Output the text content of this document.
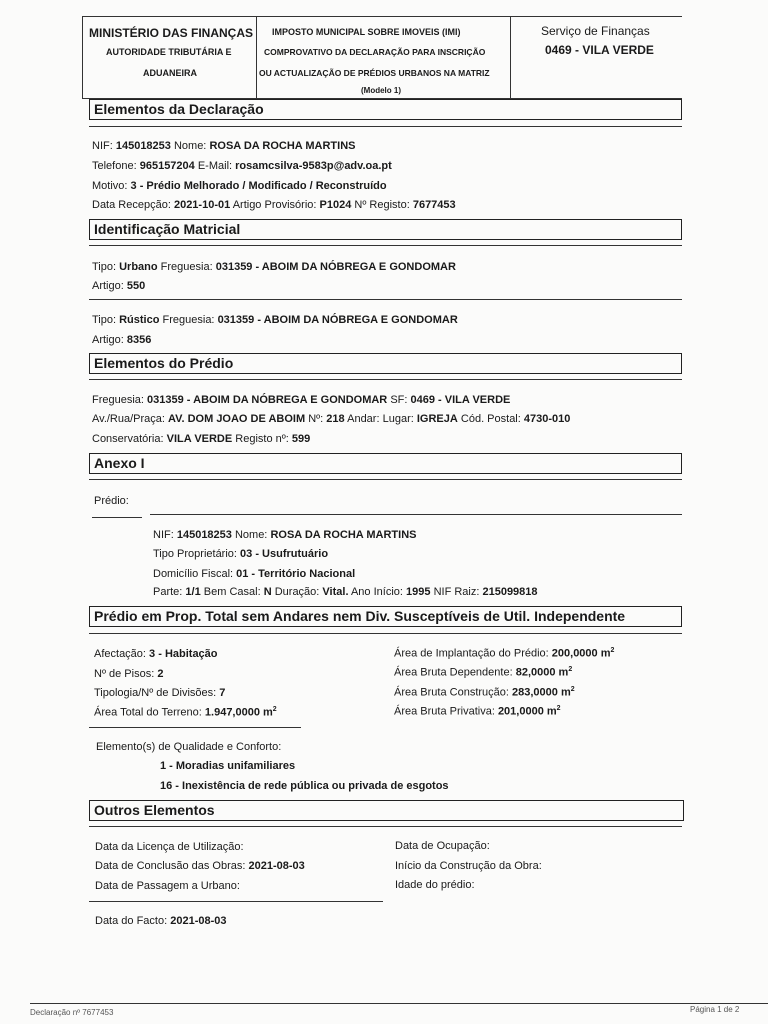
MINISTÉRIO DAS FINANÇAS
AUTORIDADE TRIBUTÁRIA E
ADUANEIRA
IMPOSTO MUNICIPAL SOBRE IMOVEIS (IMI)
COMPROVATIVO DA DECLARAÇÃO PARA INSCRIÇÃO
OU ACTUALIZAÇÃO DE PRÉDIOS URBANOS NA MATRIZ
(Modelo 1)
Serviço de Finanças
0469 - VILA VERDE
Elementos da Declaração
NIF: 145018253 Nome: ROSA DA ROCHA MARTINS
Telefone: 965157204 E-Mail: rosamcsilva-9583p@adv.oa.pt
Motivo: 3 - Prédio Melhorado / Modificado / Reconstruído
Data Recepção: 2021-10-01 Artigo Provisório: P1024 Nº Registo: 7677453
Identificação Matricial
Tipo: Urbano Freguesia: 031359 - ABOIM DA NÓBREGA E GONDOMAR
Artigo: 550
Tipo: Rústico Freguesia: 031359 - ABOIM DA NÓBREGA E GONDOMAR
Artigo: 8356
Elementos do Prédio
Freguesia: 031359 - ABOIM DA NÓBREGA E GONDOMAR SF: 0469 - VILA VERDE
Av./Rua/Praça: AV. DOM JOAO DE ABOIM Nº: 218 Andar: Lugar: IGREJA Cód. Postal: 4730-010
Conservatória: VILA VERDE Registo nº: 599
Anexo I
Prédio:
NIF: 145018253 Nome: ROSA DA ROCHA MARTINS
Tipo Proprietário: 03 - Usufrutuário
Domicílio Fiscal: 01 - Território Nacional
Parte: 1/1 Bem Casal: N Duração: Vital. Ano Início: 1995 NIF Raiz: 215099818
Prédio em Prop. Total sem Andares nem Div. Susceptíveis de Util. Independente
Afectação: 3 - Habitação
Nº de Pisos: 2
Tipologia/Nº de Divisões: 7
Área Total do Terreno: 1.947,0000 $m^2$
Área de Implantação do Prédio: 200,0000 $m^2$
Área Bruta Dependente: 82,0000 $m^2$
Área Bruta Construção: 283,0000 $m^2$
Área Bruta Privativa: 201,0000 $m^2$
Elemento(s) de Qualidade e Conforto:
1 - Moradias unifamiliares
16 - Inexistência de rede pública ou privada de esgotos
Outros Elementos
Data da Licença de Utilização:
Data de Conclusão das Obras: 2021-08-03
Data de Passagem a Urbano:
Data de Ocupação:
Início da Construção da Obra:
Idade do prédio:
Data do Facto: 2021-08-03
Declaração nº 7677453	Página 1 de 2
